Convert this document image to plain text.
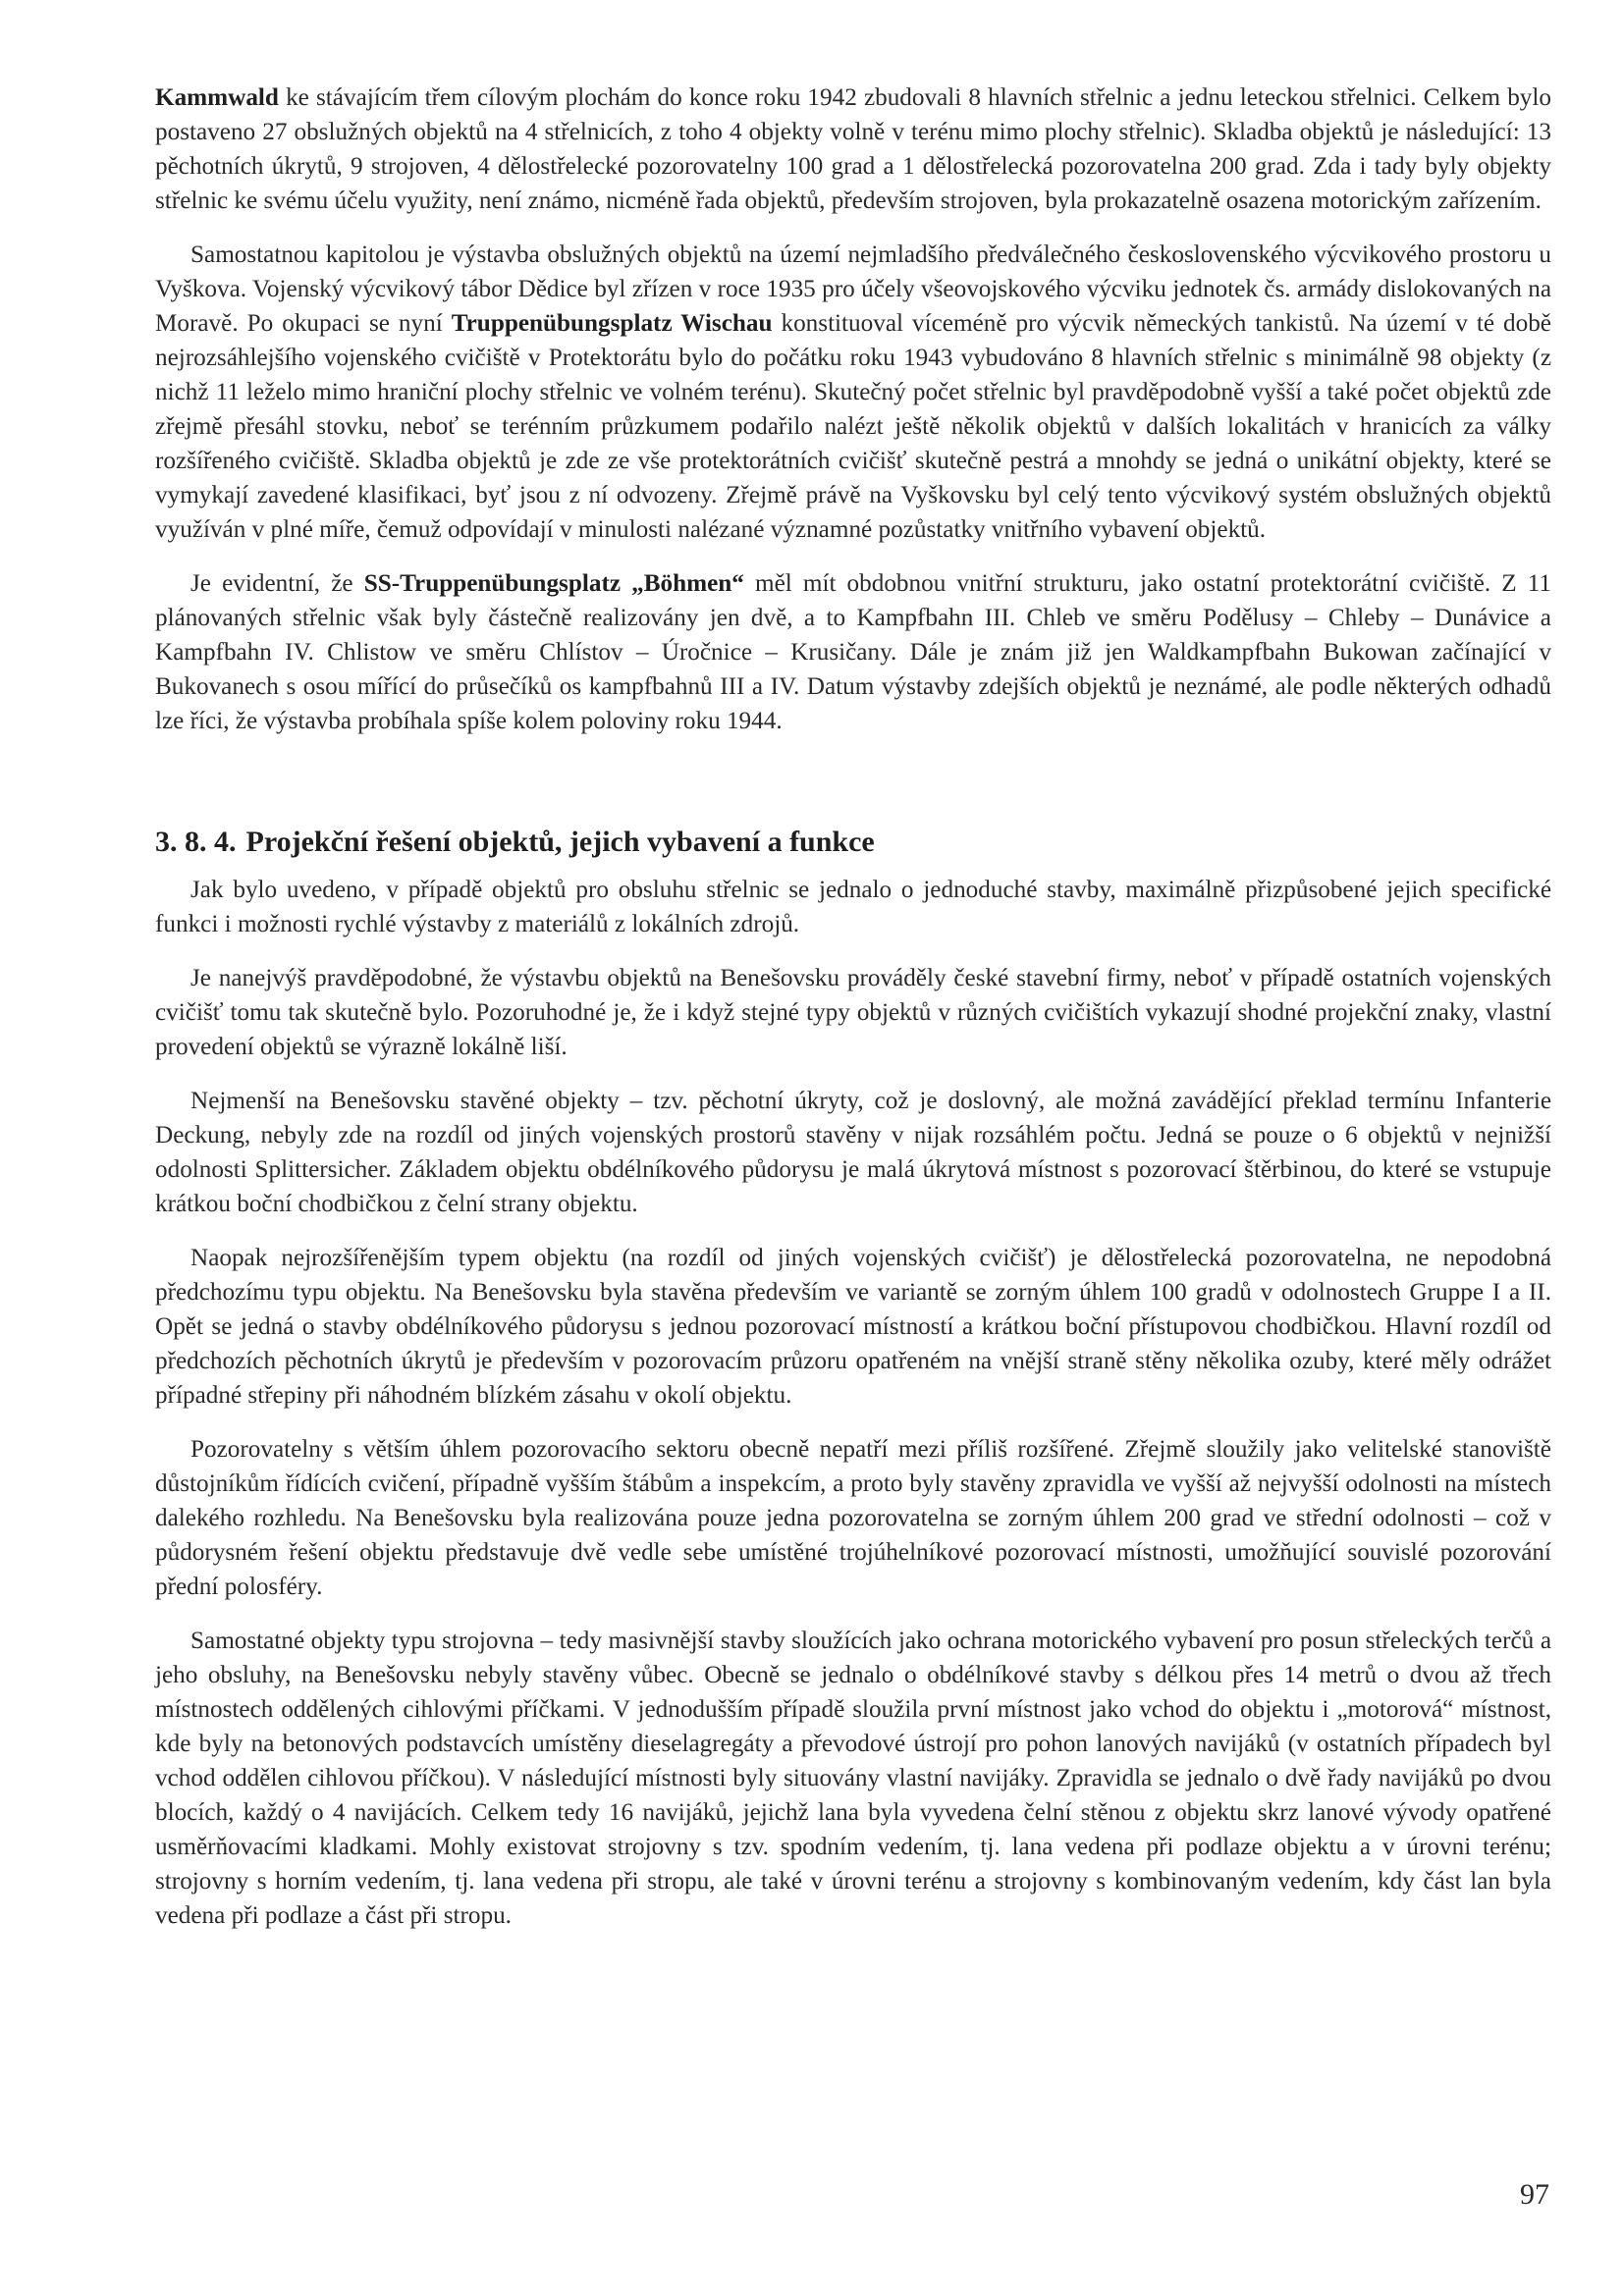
Kammwald ke stávajícím třem cílovým plochám do konce roku 1942 zbudovali 8 hlavních střelnic a jednu leteckou střelnici. Celkem bylo postaveno 27 obslužných objektů na 4 střelnicích, z toho 4 objekty volně v terénu mimo plochy střelnic). Skladba objektů je následující: 13 pěchotních úkrytů, 9 strojoven, 4 dělostřelecké pozorovatelny 100 grad a 1 dělostřelecká pozorovatelna 200 grad. Zda i tady byly objekty střelnic ke svému účelu využity, není známo, nicméně řada objektů, především strojoven, byla prokazatelně osazena motorickým zařízením.

Samostatnou kapitolou je výstavba obslužných objektů na území nejmladšího předválečného československého výcvikového prostoru u Vyškova. Vojenský výcvikový tábor Dědice byl zřízen v roce 1935 pro účely všeovojskového výcviku jednotek čs. armády dislokovaných na Moravě. Po okupaci se nyní Truppenübungsplatz Wischau konstituoval víceméně pro výcvik německých tankistů. Na území v té době nejrozsáhlejšího vojenského cvičiště v Protektorátu bylo do počátku roku 1943 vybudováno 8 hlavních střelnic s minimálně 98 objekty (z nichž 11 leželo mimo hraniční plochy střelnic ve volném terénu). Skutečný počet střelnic byl pravděpodobně vyšší a také počet objektů zde zřejmě přesáhl stovku, neboť se terénním průzkumem podařilo nalézt ještě několik objektů v dalších lokalitách v hranicích za války rozšířeného cvičiště. Skladba objektů je zde ze vše protektorátních cvičišť skutečně pestrá a mnohdy se jedná o unikátní objekty, které se vymykají zavedené klasifikaci, byť jsou z ní odvozeny. Zřejmě právě na Vyškovsku byl celý tento výcvikový systém obslužných objektů využíván v plné míře, čemuž odpovídají v minulosti nalézané významné pozůstatky vnitřního vybavení objektů.

Je evidentní, že SS-Truppenübungsplatz „Böhmen“ měl mít obdobnou vnitřní strukturu, jako ostatní protektorátní cvičiště. Z 11 plánovaných střelnic však byly částečně realizovány jen dvě, a to Kampfbahn III. Chleb ve směru Podělusy – Chleby – Dunávice a Kampfbahn IV. Chlistow ve směru Chlístov – Úročnice – Krusičany. Dále je znám již jen Waldkampfbahn Bukowan začínající v Bukovanech s osou mířící do průsečíků os kampfbahnů III a IV. Datum výstavby zdejších objektů je neznámé, ale podle některých odhadů lze říci, že výstavba probíhala spíše kolem poloviny roku 1944.

3. 8. 4. Projekční řešení objektů, jejich vybavení a funkce

Jak bylo uvedeno, v případě objektů pro obsluhu střelnic se jednalo o jednoduché stavby, maximálně přizpůsobené jejich specifické funkci i možnosti rychlé výstavby z materiálů z lokálních zdrojů.

Je nanejvýš pravděpodobné, že výstavbu objektů na Benešovsku prováděly české stavební firmy, neboť v případě ostatních vojenských cvičišť tomu tak skutečně bylo. Pozoruhodné je, že i když stejné typy objektů v různých cvičištích vykazují shodné projekční znaky, vlastní provedení objektů se výrazně lokálně liší.

Nejmenší na Benešovsku stavěné objekty – tzv. pěchotní úkryty, což je doslovný, ale možná zavádějící překlad termínu Infanterie Deckung, nebyly zde na rozdíl od jiných vojenských prostorů stavěny v nijak rozsáhlém počtu. Jedná se pouze o 6 objektů v nejnižší odolnosti Splittersicher. Základem objektu obdélníkového půdorysu je malá úkrytová místnost s pozorovací štěrbinou, do které se vstupuje krátkou boční chodbičkou z čelní strany objektu.

Naopak nejrozšířenějším typem objektu (na rozdíl od jiných vojenských cvičišť) je dělostřelecká pozorovatelna, ne nepodobná předchozímu typu objektu. Na Benešovsku byla stavěna především ve variantě se zorným úhlem 100 gradů v odolnostech Gruppe I a II. Opět se jedná o stavby obdélníkového půdorysu s jednou pozorovací místností a krátkou boční přístupovou chodbičkou. Hlavní rozdíl od předchozích pěchotních úkrytů je především v pozorovacím průzoru opatřeném na vnější straně stěny několika ozuby, které měly odrážet případné střepiny při náhodném blízkém zásahu v okolí objektu.

Pozorovatelny s větším úhlem pozorovacího sektoru obecně nepatří mezi příliš rozšířené. Zřejmě sloužily jako velitelské stanoviště důstojníkům řídících cvičení, případně vyšším štábům a inspekcím, a proto byly stavěny zpravidla ve vyšší až nejvyšší odolnosti na místech dalekého rozhledu. Na Benešovsku byla realizována pouze jedna pozorovatelna se zorným úhlem 200 grad ve střední odolnosti – což v půdorysném řešení objektu představuje dvě vedle sebe umístěné trojúhelníkové pozorovací místnosti, umožňující souvislé pozorování přední polosféry.

Samostatné objekty typu strojovna – tedy masivnější stavby sloužících jako ochrana motorického vybavení pro posun střeleckých terčů a jeho obsluhy, na Benešovsku nebyly stavěny vůbec. Obecně se jednalo o obdélníkové stavby s délkou přes 14 metrů o dvou až třech místnostech oddělených cihlovými příčkami. V jednodušším případě sloužila první místnost jako vchod do objektu i „motorová“ místnost, kde byly na betonových podstavcích umístěny dieselagregáty a převodové ústrojí pro pohon lanových navijáků (v ostatních případech byl vchod oddělen cihlovou příčkou). V následující místnosti byly situovány vlastní navijáky. Zpravidla se jednalo o dvě řady navijáků po dvou blocích, každý o 4 navijácích. Celkem tedy 16 navijáků, jejichž lana byla vyvedena čelní stěnou z objektu skrz lanové vývody opatřené usměrňovacími kladkami. Mohly existovat strojovny s tzv. spodním vedením, tj. lana vedena při podlaze objektu a v úrovni terénu; strojovny s horním vedením, tj. lana vedena při stropu, ale také v úrovni terénu a strojovny s kombinovaným vedením, kdy část lan byla vedena při podlaze a část při stropu.

97
